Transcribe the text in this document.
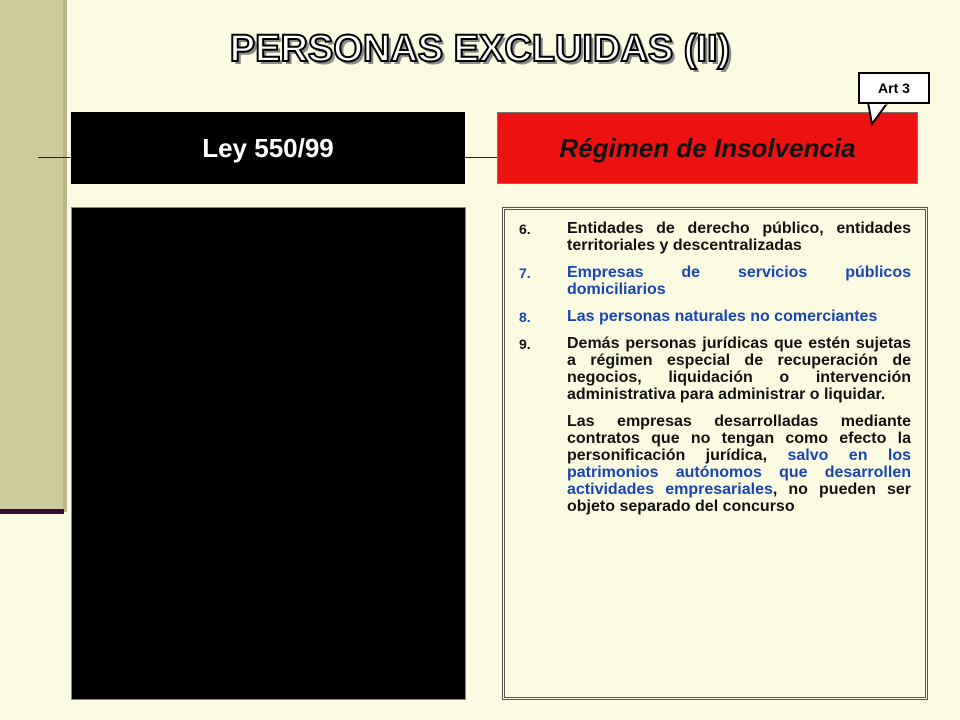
PERSONAS EXCLUIDAS (II)
Ley 550/99	Régimen de Insolvencia
Art 3
6.	Entidades de derecho público, entidades territoriales y descentralizadas
7.	Empresas de servicios públicos domiciliarios
8.	Las personas naturales no comerciantes
9.	Demás personas jurídicas que estén sujetas a régimen especial de recuperación de negocios, liquidación o intervención administrativa para administrar o liquidar.
Las empresas desarrolladas mediante contratos que no tengan como efecto la personificación jurídica, salvo en los patrimonios autónomos que desarrollen actividades empresariales, no pueden ser objeto separado del concurso
